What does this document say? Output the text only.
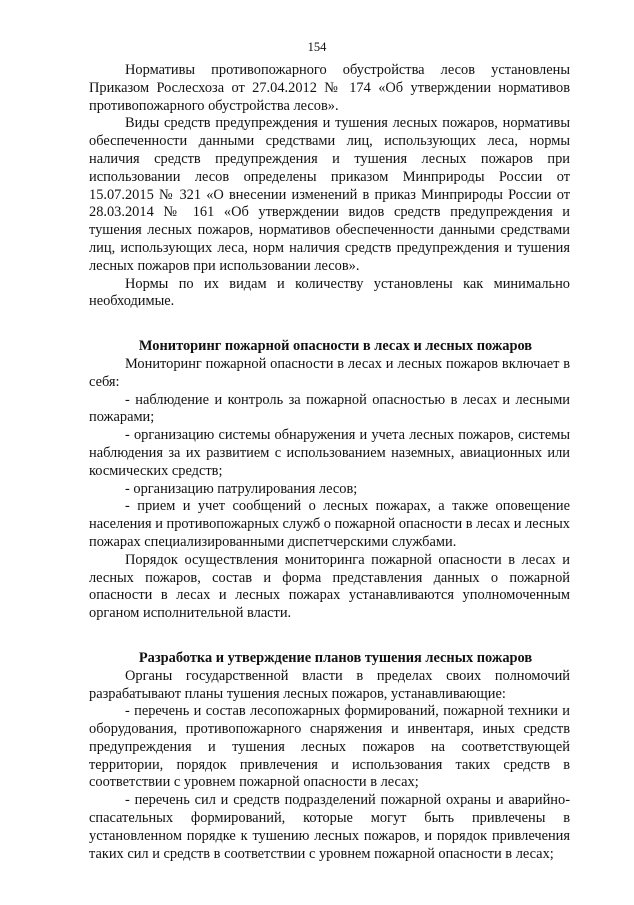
154

Нормативы противопожарного обустройства лесов установлены Приказом Рослесхоза от 27.04.2012 № 174 «Об утверждении нормативов противопожарного обустройства лесов».

Виды средств предупреждения и тушения лесных пожаров, нормативы обеспеченности данными средствами лиц, использующих леса, нормы наличия средств предупреждения и тушения лесных пожаров при использовании лесов определены приказом Минприроды России от 15.07.2015 № 321 «О внесении изменений в приказ Минприроды России от 28.03.2014 № 161 «Об утверждении видов средств предупреждения и тушения лесных пожаров, нормативов обеспеченности данными средствами лиц, использующих леса, норм наличия средств предупреждения и тушения лесных пожаров при использовании лесов».

Нормы по их видам и количеству установлены как минимально необходимые.

Мониторинг пожарной опасности в лесах и лесных пожаров

Мониторинг пожарной опасности в лесах и лесных пожаров включает в себя:

- наблюдение и контроль за пожарной опасностью в лесах и лесными пожарами;

- организацию системы обнаружения и учета лесных пожаров, системы наблюдения за их развитием с использованием наземных, авиационных или космических средств;

- организацию патрулирования лесов;

- прием и учет сообщений о лесных пожарах, а также оповещение населения и противопожарных служб о пожарной опасности в лесах и лесных пожарах специализированными диспетчерскими службами.

Порядок осуществления мониторинга пожарной опасности в лесах и лесных пожаров, состав и форма представления данных о пожарной опасности в лесах и лесных пожарах устанавливаются уполномоченным органом исполнительной власти.

Разработка и утверждение планов тушения лесных пожаров

Органы государственной власти в пределах своих полномочий разрабатывают планы тушения лесных пожаров, устанавливающие:

- перечень и состав лесопожарных формирований, пожарной техники и оборудования, противопожарного снаряжения и инвентаря, иных средств предупреждения и тушения лесных пожаров на соответствующей территории, порядок привлечения и использования таких средств в соответствии с уровнем пожарной опасности в лесах;

- перечень сил и средств подразделений пожарной охраны и аварийно-спасательных формирований, которые могут быть привлечены в установленном порядке к тушению лесных пожаров, и порядок привлечения таких сил и средств в соответствии с уровнем пожарной опасности в лесах;
